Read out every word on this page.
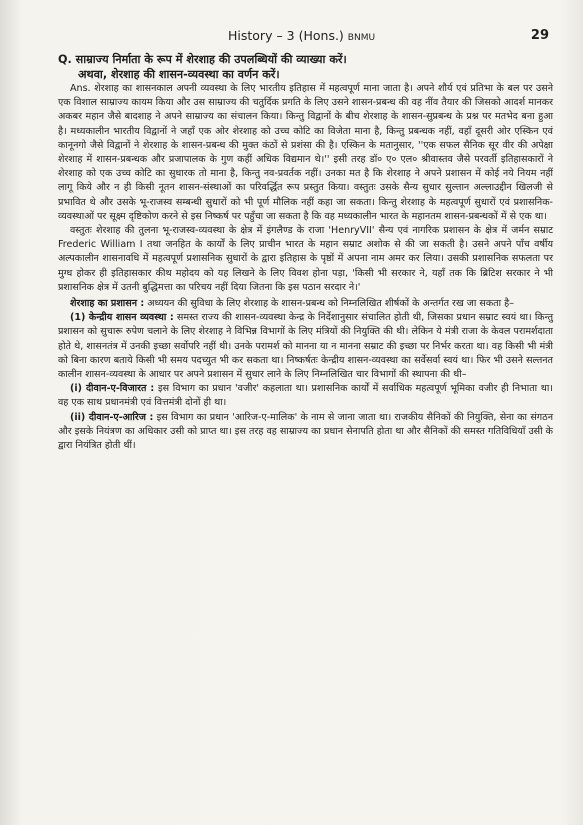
History – 3 (Hons.) BNMU	29
Q. साम्राज्य निर्माता के रूप में शेरशाह की उपलब्धियों की व्याख्या करें।
अथवा, शेरशाह की शासन-व्यवस्था का वर्णन करें।

Ans. शेरशाह का शासनकाल अपनी व्यवस्था के लिए भारतीय इतिहास में महत्वपूर्ण माना जाता है। अपने शौर्य एवं प्रतिभा के बल पर उसने एक विशाल साम्राज्य कायम किया और उस साम्राज्य की चतुर्दिक प्रगति के लिए उसने शासन-प्रबन्ध की वह नींव तैयार की जिसको आदर्श मानकर अकबर महान जैसे बादशाह ने अपने साम्राज्य का संचालन किया। किन्तु विद्वानों के बीच शेरशाह के शासन-सुप्रबन्ध के प्रश्न पर मतभेद बना हुआ है। मध्यकालीन भारतीय विद्वानों ने जहाँ एक ओर शेरशाह को उच्च कोटि का विजेता माना है, किन्तु प्रबन्धक नहीं, वहाँ दूसरी ओर एस्किन एवं कानूनगो जैसे विद्वानों ने शेरशाह के शासन-प्रबन्ध की मुक्त कंठों से प्रशंसा की है। एस्किन के मतानुसार, ''एक सफल सैनिक सूर वीर की अपेक्षा शेरशाह में शासन-प्रबन्धक और प्रजापालक के गुण कहीं अधिक विद्यमान थे।'' इसी तरह डॉ० ए० एल० श्रीवास्तव जैसे परवर्ती इतिहासकारों ने शेरशाह को एक उच्च कोटि का सुधारक तो माना है, किन्तु नव-प्रवर्तक नहीं। उनका मत है कि शेरशाह ने अपने प्रशासन में कोई नये नियम नहीं लागू किये और न ही किसी नूतन शासन-संस्थाओं का परिवर्द्धित रूप प्रस्तुत किया। वस्तुतः उसके सैन्य सुधार सुल्तान अल्लाउद्दीन खिलजी से प्रभावित थे और उसके भू-राजस्व सम्बन्धी सुधारों को भी पूर्ण मौलिक नहीं कहा जा सकता। किन्तु शेरशाह के महत्वपूर्ण सुधारों एवं प्रशासनिक-व्यवस्थाओं पर सूक्ष्म दृष्टिकोण करने से इस निष्कर्ष पर पहुँचा जा सकता है कि वह मध्यकालीन भारत के महानतम शासन-प्रबन्धकों में से एक था।

वस्तुतः शेरशाह की तुलना भू-राजस्व-व्यवस्था के क्षेत्र में इंगलैण्ड के राजा 'HenryVII' सैन्य एवं नागरिक प्रशासन के क्षेत्र में जर्मन सम्राट Frederic William I तथा जनहित के कार्यों के लिए प्राचीन भारत के महान सम्राट अशोक से की जा सकती है। उसने अपने पाँच वर्षीय अल्पकालीन शासनावधि में महत्वपूर्ण प्रशासनिक सुधारों के द्वारा इतिहास के पृष्ठों में अपना नाम अमर कर लिया। उसकी प्रशासनिक सफलता पर मुग्ध होकर ही इतिहासकार कीथ महोदय को यह लिखने के लिए विवश होना पड़ा, 'किसी भी सरकार ने, यहाँ तक कि ब्रिटिश सरकार ने भी प्रशासनिक क्षेत्र में उतनी बुद्धिमत्ता का परिचय नहीं दिया जितना कि इस पठान सरदार ने।'

शेरशाह का प्रशासन : अध्ययन की सुविधा के लिए शेरशाह के शासन-प्रबन्ध को निम्नलिखित शीर्षकों के अन्तर्गत रख जा सकता है–

(1) केन्द्रीय शासन व्यवस्था : समस्त राज्य की शासन-व्यवस्था केन्द्र के निर्देशानुसार संचालित होती थी, जिसका प्रधान सम्राट स्वयं था। किन्तु प्रशासन को सुचारू रुपेण चलाने के लिए शेरशाह ने विभिन्न विभागों के लिए मंत्रियों की नियुक्ति की थी। लेकिन ये मंत्री राजा के केवल परामर्शदाता होते थे, शासनतंत्र में उनकी इच्छा सर्वोपरि नहीं थी। उनके परामर्श को मानना या न मानना सम्राट की इच्छा पर निर्भर करता था। वह किसी भी मंत्री को बिना कारण बताये किसी भी समय पदच्युत भी कर सकता था। निष्कर्षतः केन्द्रीय शासन-व्यवस्था का सर्वेसर्वा स्वयं था। फिर भी उसने सल्तनत कालीन शासन-व्यवस्था के आधार पर अपने प्रशासन में सुधार लाने के लिए निम्नलिखित चार विभागों की स्थापना की थी–

(i) दीवान-ए-विजारत : इस विभाग का प्रधान 'वजीर' कहलाता था। प्रशासनिक कार्यों में सर्वाधिक महत्वपूर्ण भूमिका वजीर ही निभाता था। वह एक साथ प्रधानमंत्री एवं वित्तमंत्री दोनों ही था।

(ii) दीवान-ए-आरिज : इस विभाग का प्रधान 'आरिज-ए-मालिक' के नाम से जाना जाता था। राजकीय सैनिकों की नियुक्ति, सेना का संगठन और इसके नियंत्रण का अधिकार उसी को प्राप्त था। इस तरह वह साम्राज्य का प्रधान सेनापति होता था और सैनिकों की समस्त गतिविधियाँ उसी के द्वारा नियंत्रित होती थीं।
